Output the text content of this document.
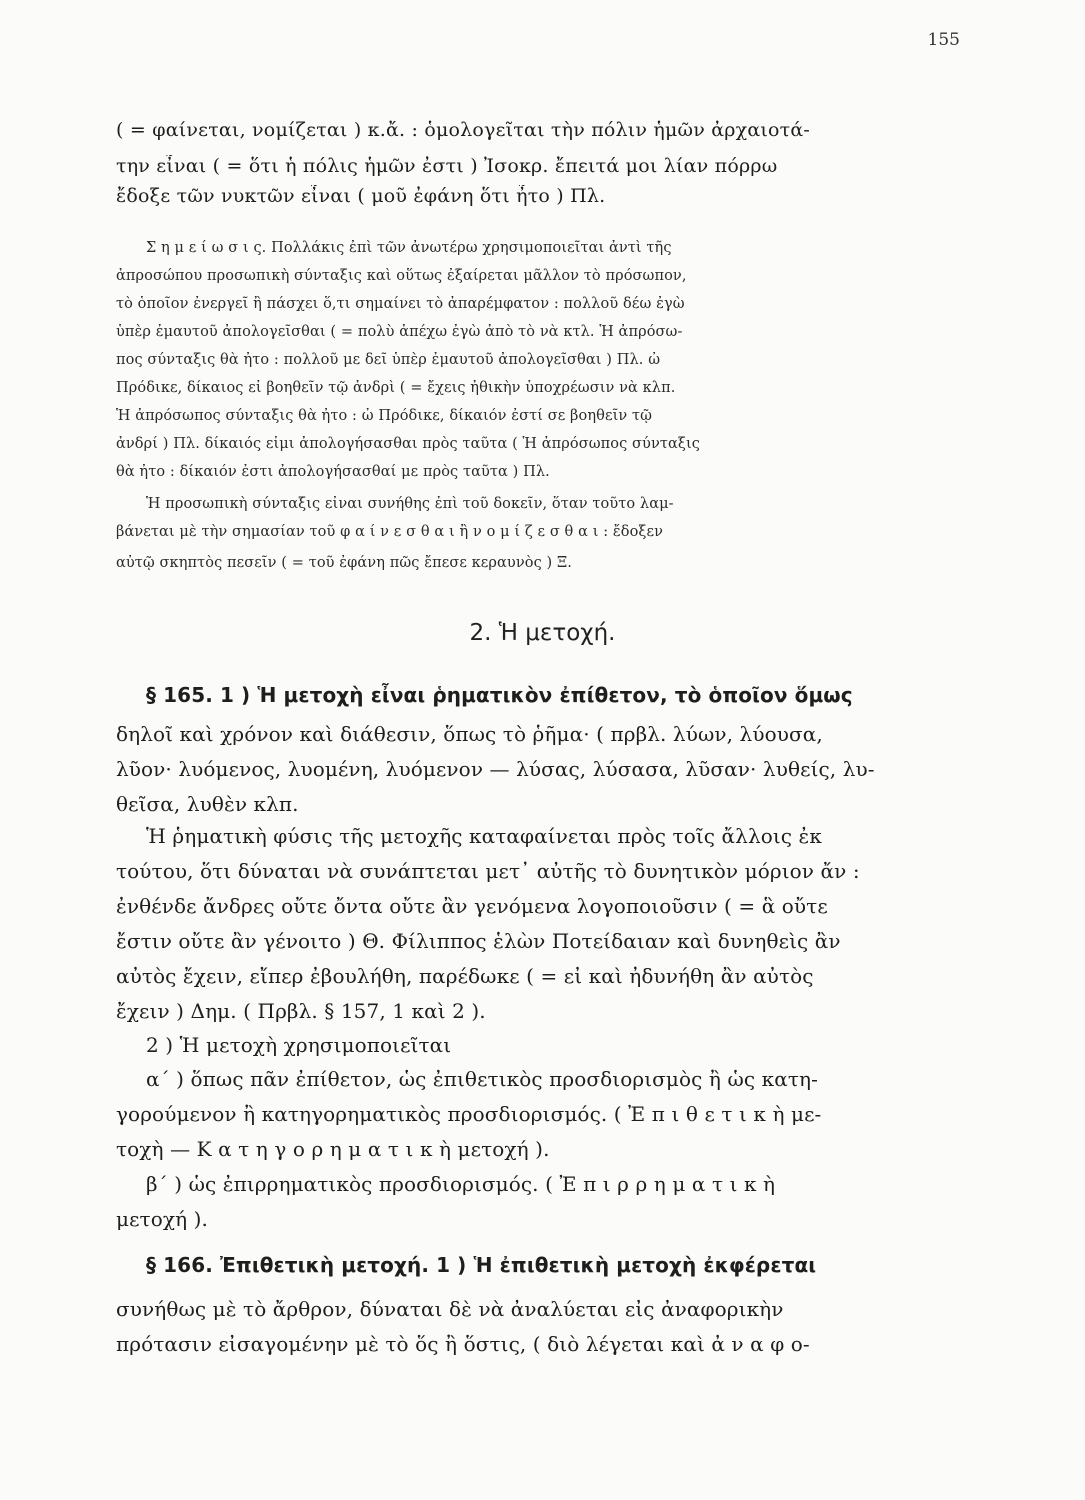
155
( = φαίνεται, νομίζεται ) κ.ἄ. : ὁμολογεῖται τὴν πόλιν ἡμῶν ἀρχαιοτά-
την εἶναι ( = ὅτι ἡ πόλις ἡμῶν ἐστι ) Ἰσοκρ. ἔπειτά μοι λίαν πόρρω
ἔδοξε τῶν νυκτῶν εἶναι ( μοῦ ἐφάνη ὅτι ἦτο ) Πλ.
Σ η μ ε ί ω σ ι ς. Πολλάκις ἐπὶ τῶν ἀνωτέρω χρησιμοποιεῖται ἀντὶ τῆς
ἀπροσώπου προσωπικὴ σύνταξις καὶ οὕτως ἐξαίρεται μᾶλλον τὸ πρόσωπον,
τὸ ὁποῖον ἐνεργεῖ ἢ πάσχει ὅ,τι σημαίνει τὸ ἀπαρέμφατον : πολλοῦ δέω ἐγὼ
ὑπὲρ ἐμαυτοῦ ἀπολογεῖσθαι ( = πολὺ ἀπέχω ἐγὼ ἀπὸ τὸ νὰ κτλ. Ἡ ἀπρόσω-
πος σύνταξις θὰ ἦτο : πολλοῦ με δεῖ ὑπὲρ ἐμαυτοῦ ἀπολογεῖσθαι ) Πλ. ὦ
Πρόδικε, δίκαιος εἶ βοηθεῖν τῷ ἀνδρὶ ( = ἔχεις ἠθικὴν ὑποχρέωσιν νὰ κλπ.
Ἡ ἀπρόσωπος σύνταξις θὰ ἦτο : ὦ Πρόδικε, δίκαιόν ἐστί σε βοηθεῖν τῷ
ἀνδρί ) Πλ. δίκαιός εἰμι ἀπολογήσασθαι πρὸς ταῦτα ( Ἡ ἀπρόσωπος σύνταξις
θὰ ἦτο : δίκαιόν ἐστι ἀπολογήσασθαί με πρὸς ταῦτα ) Πλ.
Ἡ προσωπικὴ σύνταξις εἶναι συνήθης ἐπὶ τοῦ δοκεῖν, ὅταν τοῦτο λαμ-
βάνεται μὲ τὴν σημασίαν τοῦ φ α ί ν ε σ θ α ι ἢ ν ο μ ί ζ ε σ θ α ι : ἔδοξεν
αὐτῷ σκηπτὸς πεσεῖν ( = τοῦ ἐφάνη πῶς ἔπεσε κεραυνὸς ) Ξ.
2. Ἡ μετοχή.
§ 165. 1 ) Ἡ μετοχὴ εἶναι ῥηματικὸν ἐπίθετον, τὸ ὁποῖον ὅμως
δηλοῖ καὶ χρόνον καὶ διάθεσιν, ὅπως τὸ ῥῆμα· ( πρβλ. λύων, λύουσα,
λῦον· λυόμενος, λυομένη, λυόμενον — λύσας, λύσασα, λῦσαν· λυθείς, λυ-
θεῖσα, λυθὲν κλπ.
Ἡ ῥηματικὴ φύσις τῆς μετοχῆς καταφαίνεται πρὸς τοῖς ἄλλοις ἐκ
τούτου, ὅτι δύναται νὰ συνάπτεται μετ᾿ αὐτῆς τὸ δυνητικὸν μόριον ἄν :
ἐνθένδε ἄνδρες οὔτε ὄντα οὔτε ἂν γενόμενα λογοποιοῦσιν ( = ἃ οὔτε
ἔστιν οὔτε ἂν γένοιτο ) Θ. Φίλιππος ἑλὼν Ποτείδαιαν καὶ δυνηθεὶς ἂν
αὐτὸς ἔχειν, εἴπερ ἐβουλήθη, παρέδωκε ( = εἰ καὶ ἠδυνήθη ἂν αὐτὸς
ἔχειν ) Δημ. ( Πρβλ. § 157, 1 καὶ 2 ).
2 ) Ἡ μετοχὴ χρησιμοποιεῖται
α´ ) ὅπως πᾶν ἐπίθετον, ὡς ἐπιθετικὸς προσδιορισμὸς ἢ ὡς κατη-
γορούμενον ἢ κατηγορηματικὸς προσδιορισμός. ( Ἐ π ι θ ε τ ι κ ὴ με-
τοχὴ — Κ α τ η γ ο ρ η μ α τ ι κ ὴ μετοχή ).
β´ ) ὡς ἐπιρρηματικὸς προσδιορισμός. ( Ἐ π ι ρ ρ η μ α τ ι κ ὴ
μετοχή ).
§ 166. Ἐπιθετικὴ μετοχή. 1 ) Ἡ ἐπιθετικὴ μετοχὴ ἐκφέρεται
συνήθως μὲ τὸ ἄρθρον, δύναται δὲ νὰ ἀναλύεται εἰς ἀναφορικὴν
πρότασιν εἰσαγομένην μὲ τὸ ὅς ἢ ὅστις, ( διὸ λέγεται καὶ ἀ ν α φ ο-
